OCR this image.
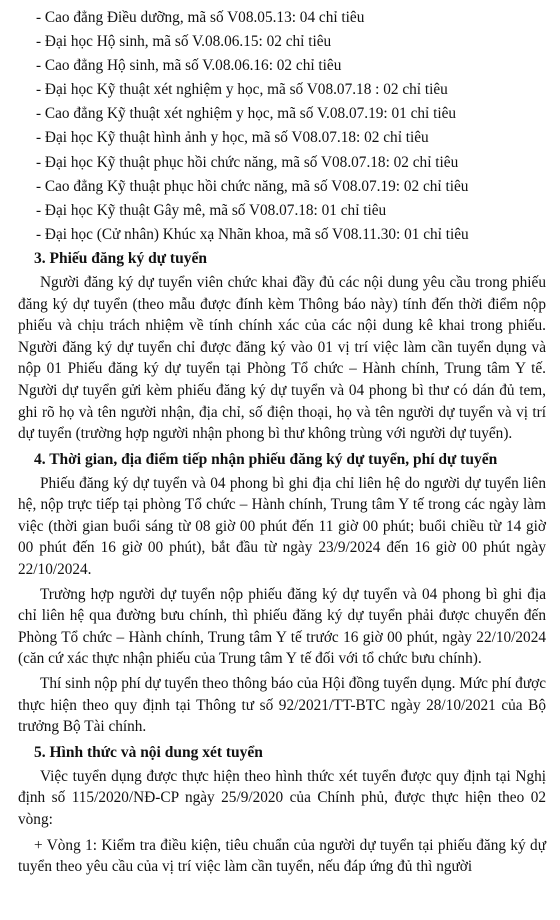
- Cao đẳng Điều dưỡng, mã số V08.05.13: 04 chỉ tiêu
- Đại học Hộ sinh, mã số V.08.06.15: 02 chỉ tiêu
- Cao đẳng Hộ sinh, mã số V.08.06.16: 02 chỉ tiêu
- Đại học Kỹ thuật xét nghiệm y học, mã số V08.07.18 : 02 chỉ tiêu
- Cao đẳng Kỹ thuật xét nghiệm y học, mã số V.08.07.19: 01 chỉ tiêu
- Đại học Kỹ thuật hình ảnh y học, mã số V08.07.18: 02 chỉ tiêu
- Đại học Kỹ thuật phục hồi chức năng, mã số V08.07.18: 02 chỉ tiêu
- Cao đẳng Kỹ thuật phục hồi chức năng, mã số V08.07.19: 02 chỉ tiêu
- Đại học Kỹ thuật Gây mê, mã số V08.07.18: 01 chỉ tiêu
- Đại học (Cử nhân) Khúc xạ Nhãn khoa, mã số V08.11.30: 01 chỉ tiêu
3. Phiếu đăng ký dự tuyển

Người đăng ký dự tuyển viên chức khai đầy đủ các nội dung yêu cầu trong phiếu đăng ký dự tuyển (theo mẫu được đính kèm Thông báo này) tính đến thời điểm nộp phiếu và chịu trách nhiệm về tính chính xác của các nội dung kê khai trong phiếu. Người đăng ký dự tuyển chỉ được đăng ký vào 01 vị trí việc làm cần tuyển dụng và nộp 01 Phiếu đăng ký dự tuyển tại Phòng Tổ chức – Hành chính, Trung tâm Y tế. Người dự tuyển gửi kèm phiếu đăng ký dự tuyển và 04 phong bì thư có dán đủ tem, ghi rõ họ và tên người nhận, địa chỉ, số điện thoại, họ và tên người dự tuyển và vị trí dự tuyển (trường hợp người nhận phong bì thư không trùng với người dự tuyển).

4. Thời gian, địa điểm tiếp nhận phiếu đăng ký dự tuyển, phí dự tuyển

Phiếu đăng ký dự tuyển và 04 phong bì ghi địa chỉ liên hệ do người dự tuyển liên hệ, nộp trực tiếp tại phòng Tổ chức – Hành chính, Trung tâm Y tế trong các ngày làm việc (thời gian buổi sáng từ 08 giờ 00 phút đến 11 giờ 00 phút; buổi chiều từ 14 giờ 00 phút đến 16 giờ 00 phút), bắt đầu từ ngày 23/9/2024 đến 16 giờ 00 phút ngày 22/10/2024.

Trường hợp người dự tuyển nộp phiếu đăng ký dự tuyển và 04 phong bì ghi địa chỉ liên hệ qua đường bưu chính, thì phiếu đăng ký dự tuyển phải được chuyển đến Phòng Tổ chức – Hành chính, Trung tâm Y tế trước 16 giờ 00 phút, ngày 22/10/2024 (căn cứ xác thực nhận phiếu của Trung tâm Y tế đối với tổ chức bưu chính).

Thí sinh nộp phí dự tuyển theo thông báo của Hội đồng tuyển dụng. Mức phí được thực hiện theo quy định tại Thông tư số 92/2021/TT-BTC ngày 28/10/2021 của Bộ trưởng Bộ Tài chính.

5. Hình thức và nội dung xét tuyển

Việc tuyển dụng được thực hiện theo hình thức xét tuyển được quy định tại Nghị định số 115/2020/NĐ-CP ngày 25/9/2020 của Chính phủ, được thực hiện theo 02 vòng:

+ Vòng 1: Kiểm tra điều kiện, tiêu chuẩn của người dự tuyển tại phiếu đăng ký dự tuyển theo yêu cầu của vị trí việc làm cần tuyển, nếu đáp ứng đủ thì người
